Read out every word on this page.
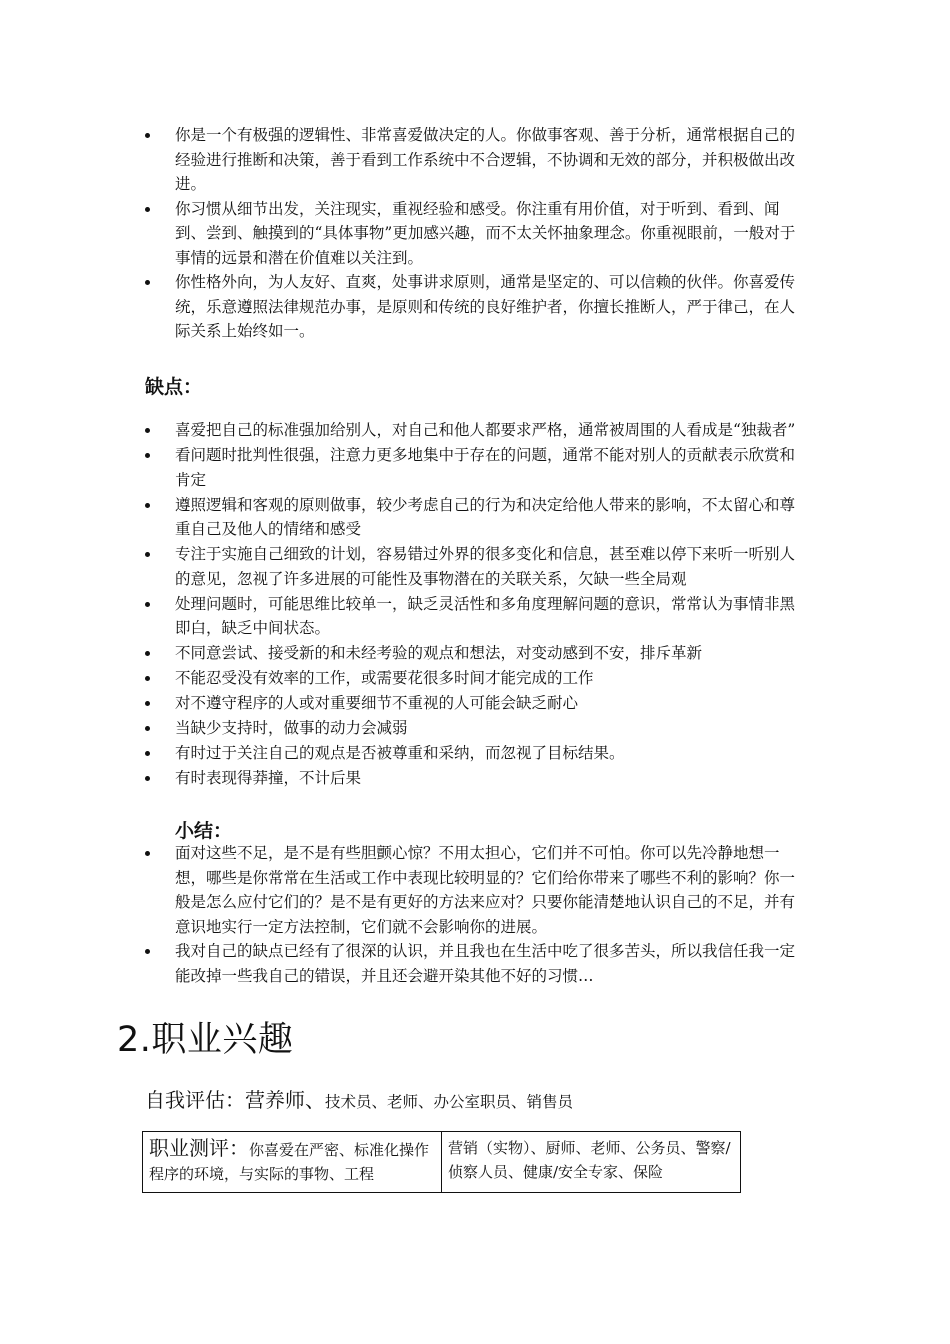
你是一个有极强的逻辑性、非常喜爱做决定的人。你做事客观、善于分析，通常根据自己的经验进行推断和决策，善于看到工作系统中不合逻辑，不协调和无效的部分，并积极做出改进。
你习惯从细节出发，关注现实，重视经验和感受。你注重有用价值，对于听到、看到、闻到、尝到、触摸到的“具体事物”更加感兴趣，而不太关怀抽象理念。你重视眼前，一般对于事情的远景和潜在价值难以关注到。
你性格外向，为人友好、直爽，处事讲求原则，通常是坚定的、可以信赖的伙伴。你喜爱传统，乐意遵照法律规范办事，是原则和传统的良好维护者，你擅长推断人，严于律己，在人际关系上始终如一。
缺点：
喜爱把自己的标准强加给别人，对自己和他人都要求严格，通常被周围的人看成是“独裁者”
看问题时批判性很强，注意力更多地集中于存在的问题，通常不能对别人的贡献表示欣赏和肯定
遵照逻辑和客观的原则做事，较少考虑自己的行为和决定给他人带来的影响，不太留心和尊重自己及他人的情绪和感受
专注于实施自己细致的计划，容易错过外界的很多变化和信息，甚至难以停下来听一听别人的意见，忽视了许多进展的可能性及事物潜在的关联关系，欠缺一些全局观
处理问题时，可能思维比较单一，缺乏灵活性和多角度理解问题的意识，常常认为事情非黑即白，缺乏中间状态。
不同意尝试、接受新的和未经考验的观点和想法，对变动感到不安，排斥革新
不能忍受没有效率的工作，或需要花很多时间才能完成的工作
对不遵守程序的人或对重要细节不重视的人可能会缺乏耐心
当缺少支持时，做事的动力会减弱
有时过于关注自己的观点是否被尊重和采纳，而忽视了目标结果。
有时表现得莽撞，不计后果
小结：
面对这些不足，是不是有些胆颤心惊？不用太担心，它们并不可怕。你可以先冷静地想一想，哪些是你常常在生活或工作中表现比较明显的？它们给你带来了哪些不利的影响？你一般是怎么应付它们的？是不是有更好的方法来应对？只要你能清楚地认识自己的不足，并有意识地实行一定方法控制，它们就不会影响你的进展。
我对自己的缺点已经有了很深的认识，并且我也在生活中吃了很多苦头，所以我信任我一定能改掉一些我自己的错误，并且还会避开染其他不好的习惯…
2.职业兴趣
自我评估：营养师、技术员、老师、办公室职员、销售员
职业测评：你喜爱在严密、标准化操作程序的环境，与实际的事物、工程	营销（实物）、厨师、老师、公务员、警察/侦察人员、健康/安全专家、保险
